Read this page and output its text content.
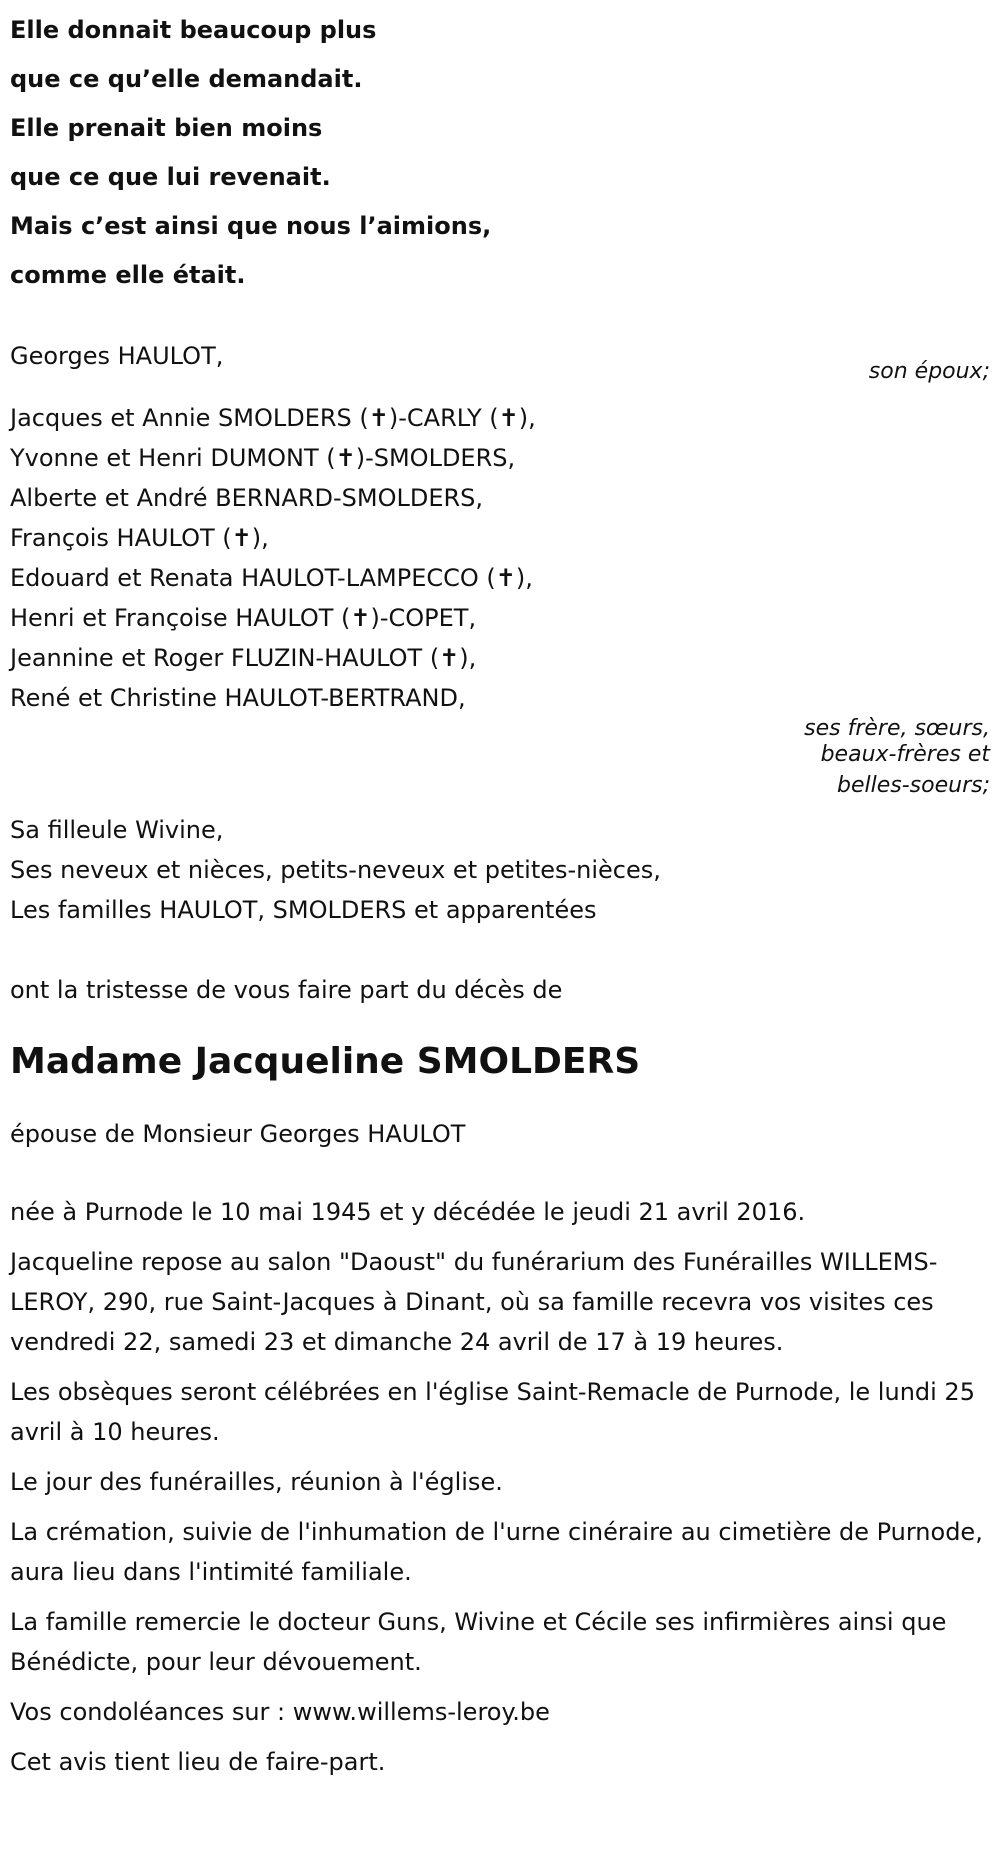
Elle donnait beaucoup plus

que ce qu’elle demandait.

Elle prenait bien moins

que ce que lui revenait.

Mais c’est ainsi que nous l’aimions,

comme elle était.

Georges HAULOT,

son époux;

Jacques et Annie SMOLDERS (✝)-CARLY (✝),

Yvonne et Henri DUMONT (✝)-SMOLDERS,

Alberte et André BERNARD-SMOLDERS,

François HAULOT (✝),

Edouard et Renata HAULOT-LAMPECCO (✝),

Henri et Françoise HAULOT (✝)-COPET,

Jeannine et Roger FLUZIN-HAULOT (✝),

René et Christine HAULOT-BERTRAND,

ses frère, sœurs,

beaux-frères et

belles-soeurs;

Sa filleule Wivine,

Ses neveux et nièces, petits-neveux et petites-nièces,

Les familles HAULOT, SMOLDERS et apparentées

ont la tristesse de vous faire part du décès de

Madame Jacqueline SMOLDERS

épouse de Monsieur Georges HAULOT

née à Purnode le 10 mai 1945 et y décédée le jeudi 21 avril 2016.

Jacqueline repose au salon "Daoust" du funérarium des Funérailles WILLEMS-LEROY, 290, rue Saint-Jacques à Dinant, où sa famille recevra vos visites ces vendredi 22, samedi 23 et dimanche 24 avril de 17 à 19 heures.

Les obsèques seront célébrées en l'église Saint-Remacle de Purnode, le lundi 25 avril à 10 heures.

Le jour des funérailles, réunion à l'église.

La crémation, suivie de l'inhumation de l'urne cinéraire au cimetière de Purnode, aura lieu dans l'intimité familiale.

La famille remercie le docteur Guns, Wivine et Cécile ses infirmières ainsi que Bénédicte, pour leur dévouement.

Vos condoléances sur : www.willems-leroy.be

Cet avis tient lieu de faire-part.
